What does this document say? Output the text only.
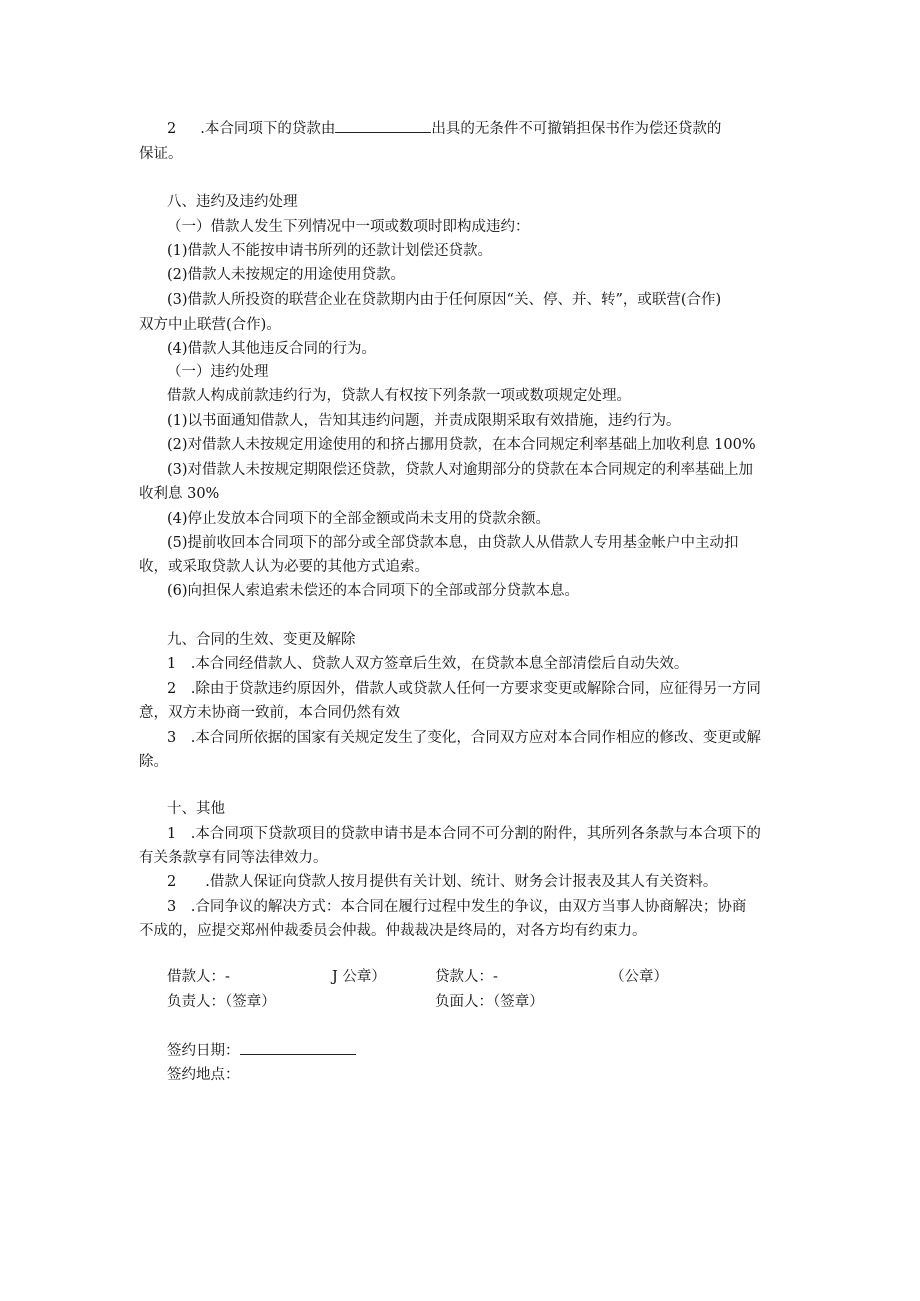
2 .本合同项下的贷款由	出具的无条件不可撤销担保书作为偿还贷款的
保证。
八、违约及违约处理
（一）借款人发生下列情况中一项或数项时即构成违约：
(1)借款人不能按申请书所列的还款计划偿还贷款。
(2)借款人未按规定的用途使用贷款。
(3)借款人所投资的联营企业在贷款期内由于任何原因“关、停、并、转”，或联营(合作)
双方中止联营(合作)。
(4)借款人其他违反合同的行为。
（一）违约处理
借款人构成前款违约行为，贷款人有权按下列条款一项或数项规定处理。
(1)以书面通知借款人，告知其违约问题，并责成限期采取有效措施，违约行为。
(2)对借款人未按规定用途使用的和挤占挪用贷款，在本合同规定利率基础上加收利息 100%
(3)对借款人未按规定期限偿还贷款，贷款人对逾期部分的贷款在本合同规定的利率基础上加
收利息 30%
(4)停止发放本合同项下的全部金额或尚未支用的贷款余额。
(5)提前收回本合同项下的部分或全部贷款本息，由贷款人从借款人专用基金帐户中主动扣
收，或采取贷款人认为必要的其他方式追索。
(6)向担保人索追索未偿还的本合同项下的全部或部分贷款本息。
九、合同的生效、变更及解除
1　.本合同经借款人、贷款人双方签章后生效，在贷款本息全部清偿后自动失效。
2　.除由于贷款违约原因外，借款人或贷款人任何一方要求变更或解除合同，应征得另一方同
意，双方未协商一致前，本合同仍然有效
3　.本合同所依据的国家有关规定发生了变化，合同双方应对本合同作相应的修改、变更或解
除。
十、其他
1　.本合同项下贷款项目的贷款申请书是本合同不可分割的附件，其所列各条款与本合项下的
有关条款享有同等法律效力。
2　　.借款人保证向贷款人按月提供有关计划、统计、财务会计报表及其人有关资料。
3　.合同争议的解决方式：本合同在履行过程中发生的争议，由双方当事人协商解决；协商
不成的，应提交郑州仲裁委员会仲裁。仲裁裁决是终局的，对各方均有约束力。
借款人：-	J 公章）	贷款人：-	（公章）
负责人：（签章）	负面人：（签章）
签约日期：
签约地点：
